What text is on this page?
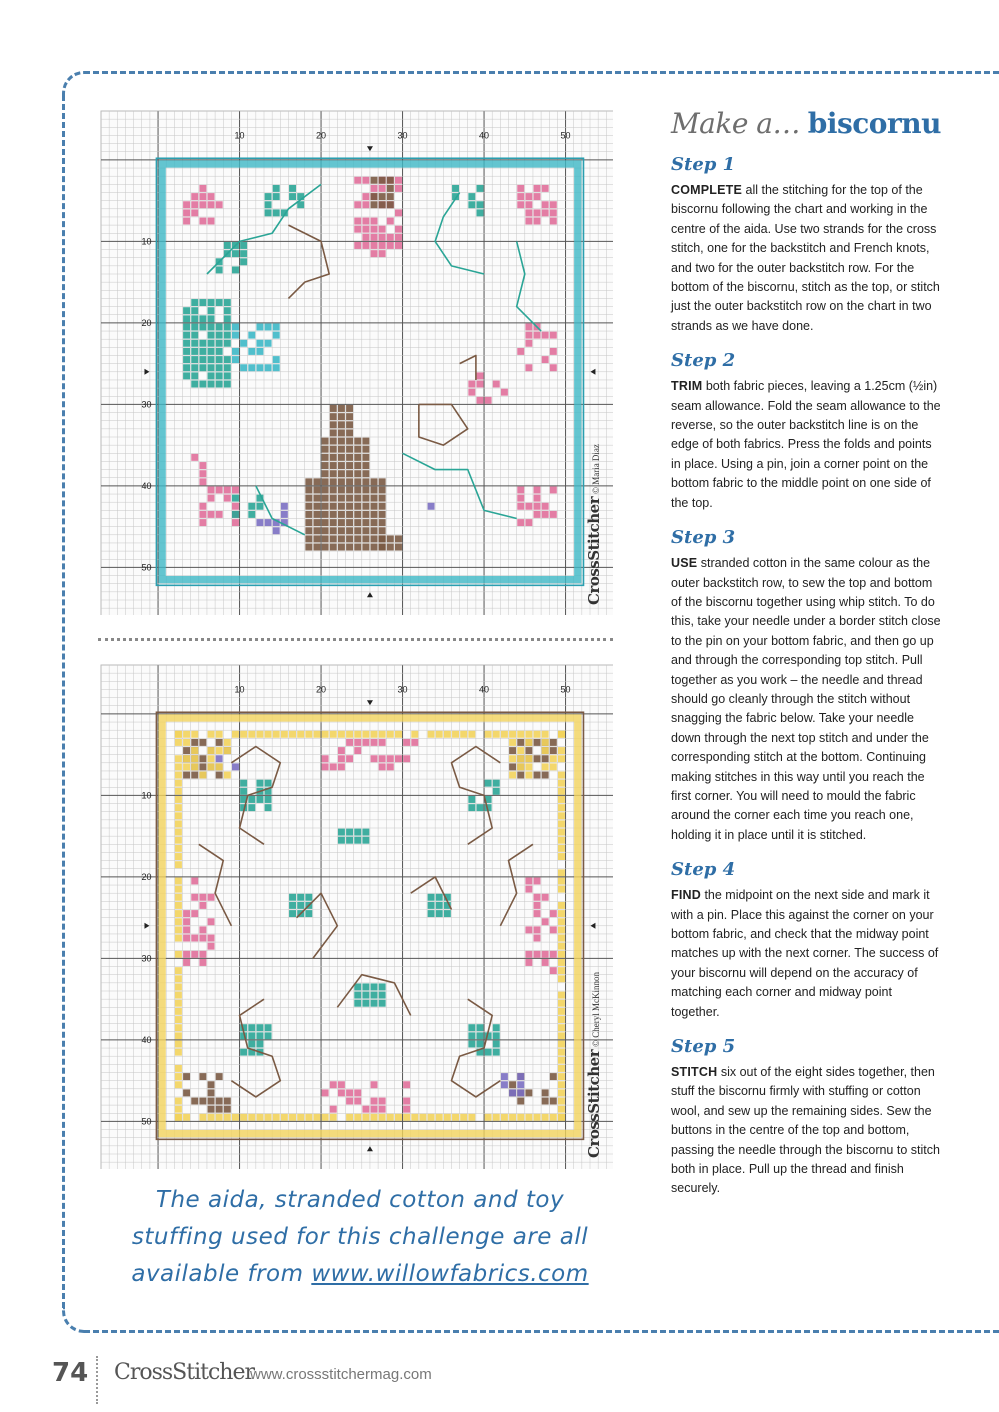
10	20	30	40	50
10
20
30
40
50	CrossStitcher© Maria Diaz
10	20	30	40	50
10
20
30
40
50	CrossStitcher© Cheryl McKinnon
Make a… biscornu
Step 1

COMPLETE all the stitching for the top of the biscornu following the chart and working in the centre of the aida. Use two strands for the cross stitch, one for the backstitch and French knots, and two for the outer backstitch row. For the bottom of the biscornu, stitch as the top, or stitch just the outer backstitch row on the chart in two strands as we have done.

Step 2

TRIM both fabric pieces, leaving a 1.25cm (½in) seam allowance. Fold the seam allowance to the reverse, so the outer backstitch line is on the edge of both fabrics. Press the folds and points in place. Using a pin, join a corner point on the bottom fabric to the middle point on one side of the top.

Step 3

USE stranded cotton in the same colour as the outer backstitch row, to sew the top and bottom of the biscornu together using whip stitch. To do this, take your needle under a border stitch close to the pin on your bottom fabric, and then go up and through the corresponding top stitch. Pull together as you work – the needle and thread should go cleanly through the stitch without snagging the fabric below. Take your needle down through the next top stitch and under the corresponding stitch at the bottom. Continuing making stitches in this way until you reach the first corner. You will need to mould the fabric around the corner each time you reach one, holding it in place until it is stitched.

Step 4

FIND the midpoint on the next side and mark it with a pin. Place this against the corner on your bottom fabric, and check that the midway point matches up with the next corner. The success of your biscornu will depend on the accuracy of matching each corner and midway point together.

Step 5

STITCH six out of the eight sides together, then stuff the biscornu firmly with stuffing or cotton wool, and sew up the remaining sides. Sew the buttons in the centre of the top and bottom, passing the needle through the biscornu to stitch both in place. Pull up the thread and finish securely.

The aida, stranded cotton and toy
stuffing used for this challenge are all
available from www.willowfabrics.com
74 CrossStitcher
www.crossstitchermag.com
